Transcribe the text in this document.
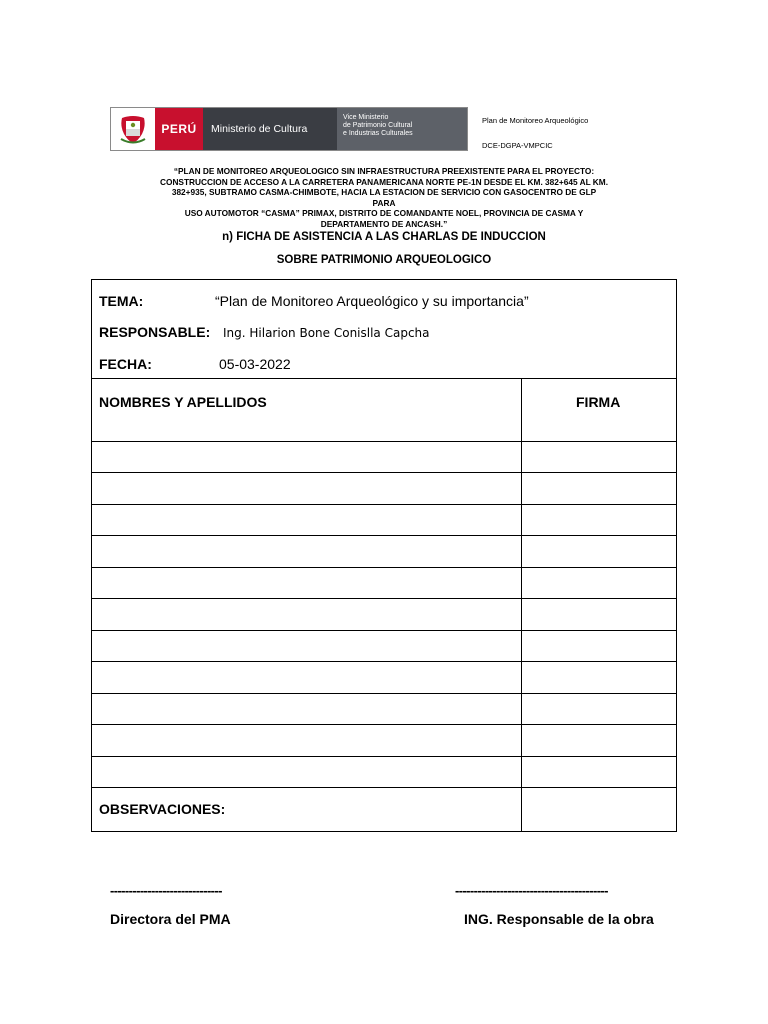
PERÚ	Ministerio de Cultura
Vice Ministerio
de Patrimonio Cultural
e Industrias Culturales
Plan de Monitoreo Arqueológico
DCE-DGPA-VMPCIC
“PLAN DE MONITOREO ARQUEOLOGICO SIN INFRAESTRUCTURA PREEXISTENTE PARA EL PROYECTO:
CONSTRUCCION DE ACCESO A LA CARRETERA PANAMERICANA NORTE PE-1N DESDE EL KM. 382+645 AL KM.
382+935, SUBTRAMO CASMA-CHIMBOTE, HACIA LA ESTACION DE SERVICIO CON GASOCENTRO DE GLP PARA
USO AUTOMOTOR “CASMA” PRIMAX, DISTRITO DE COMANDANTE NOEL, PROVINCIA DE CASMA Y
DEPARTAMENTO DE ANCASH.”
n) FICHA DE ASISTENCIA A LAS CHARLAS DE INDUCCION
SOBRE PATRIMONIO ARQUEOLOGICO
TEMA:	“Plan de Monitoreo Arqueológico y su importancia”
RESPONSABLE: Ing. Hilarion Bone Conislla Capcha
FECHA:	05-03-2022
NOMBRES Y APELLIDOS	FIRMA
OBSERVACIONES:
------------------------------	-----------------------------------------
Directora del PMA	ING. Responsable de la obra
